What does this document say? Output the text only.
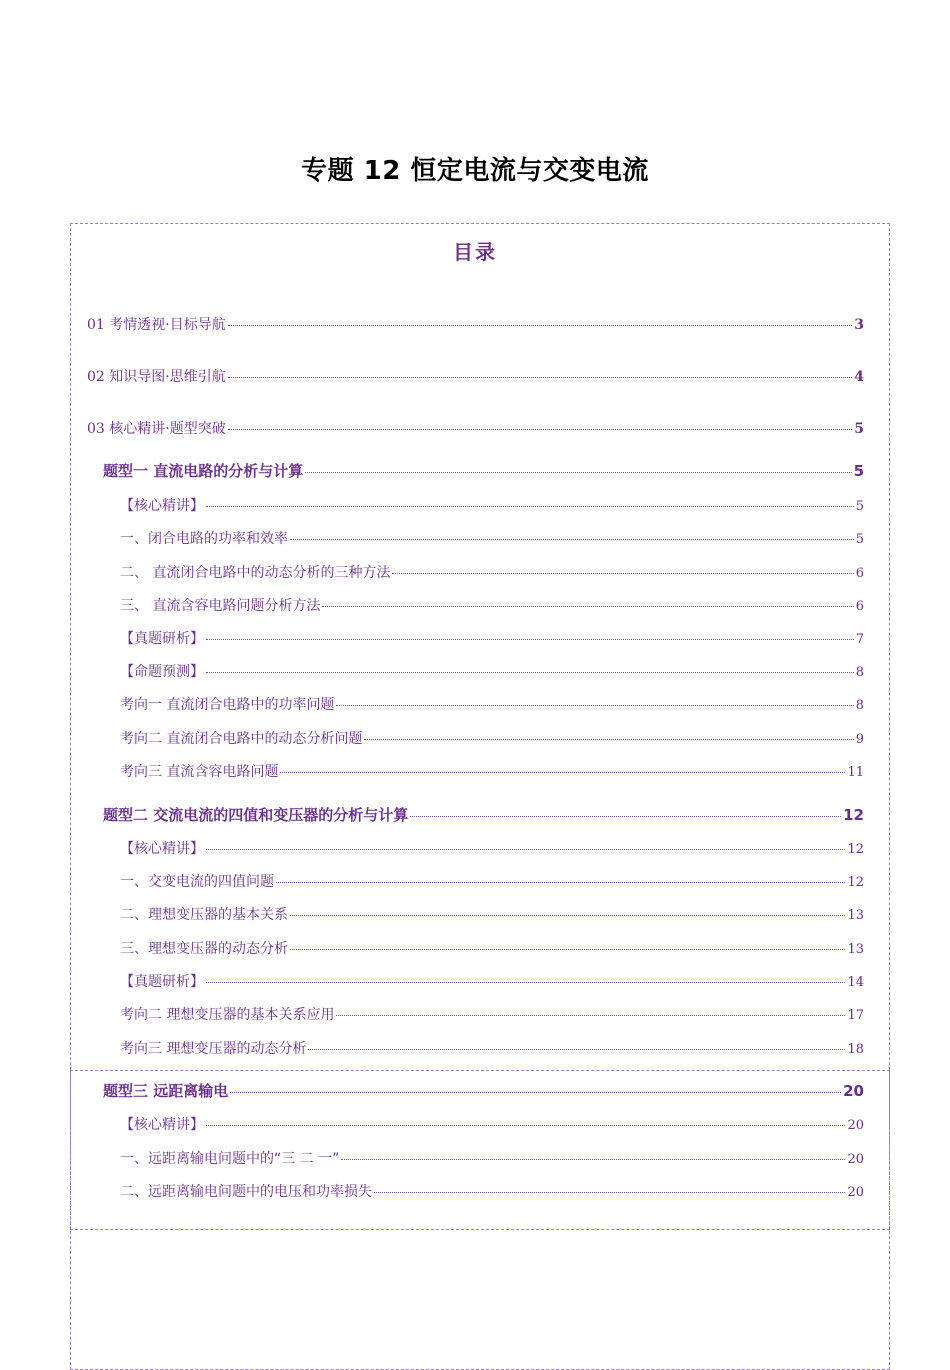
专题 12 恒定电流与交变电流
目录
01 考情透视·目标导航	3
02 知识导图·思维引航	4
03 核心精讲·题型突破	5
题型一 直流电路的分析与计算	5
【核心精讲】	5
一、闭合电路的功率和效率	5
二、 直流闭合电路中的动态分析的三种方法	6
三、 直流含容电路问题分析方法	6
【真题研析】	7
【命题预测】	8
考向一 直流闭合电路中的功率问题	8
考向二 直流闭合电路中的动态分析问题	9
考向三 直流含容电路问题	11
题型二 交流电流的四值和变压器的分析与计算	12
【核心精讲】	12
一、交变电流的四值问题	12
二、理想变压器的基本关系	13
三、理想变压器的动态分析	13
【真题研析】	14
考向二 理想变压器的基本关系应用	17
考向三 理想变压器的动态分析	18
题型三 远距离输电	20
【核心精讲】	20
一、远距离输电问题中的“三 二 一”	20
二、远距离输电问题中的电压和功率损失	20
